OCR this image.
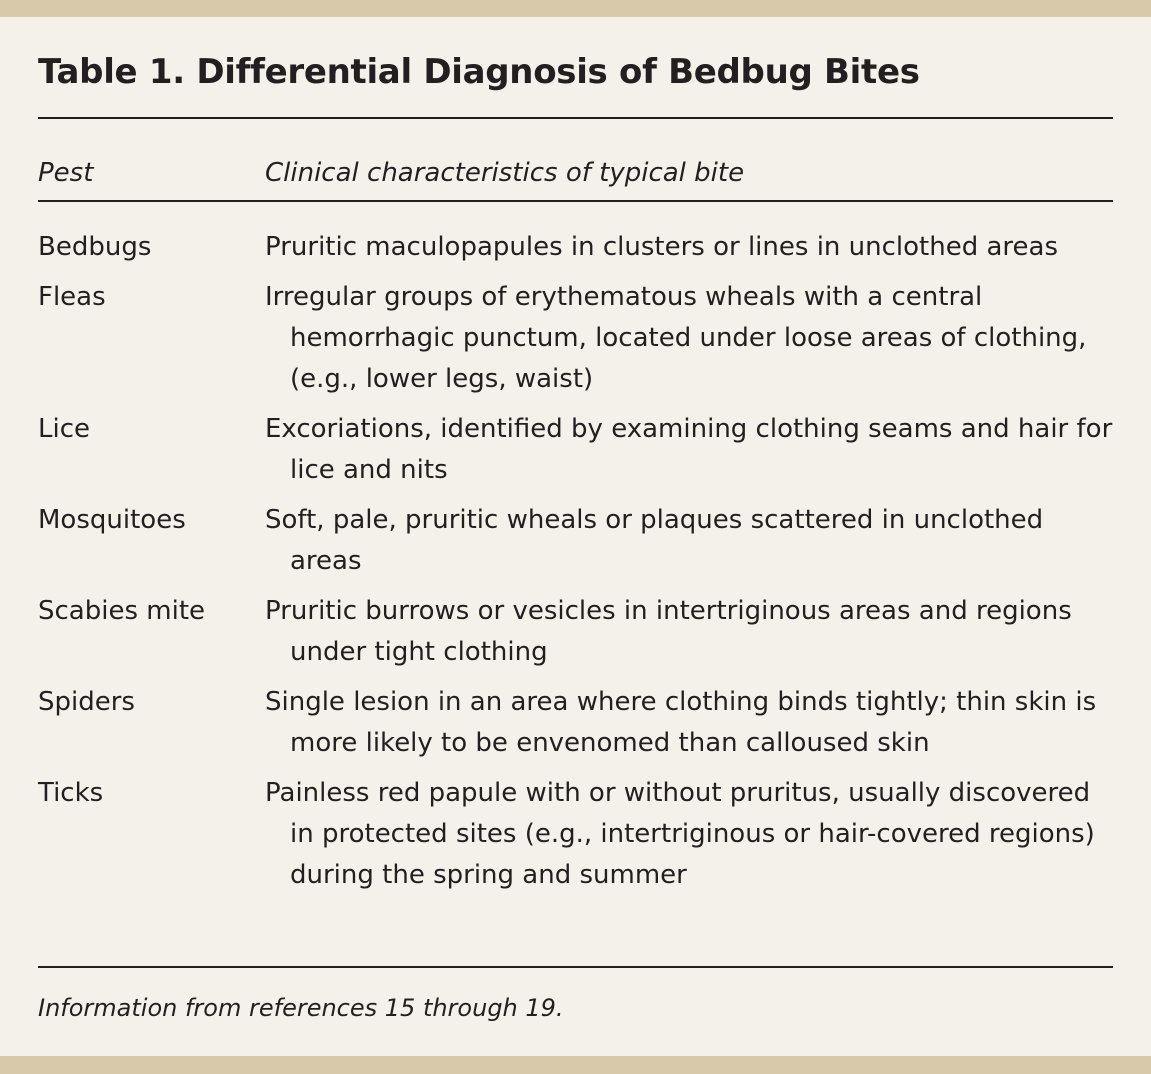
Table 1. Differential Diagnosis of Bedbug Bites
Pest	Clinical characteristics of typical bite
Bedbugs	Pruritic maculopapules in clusters or lines in unclothed areas
Fleas	Irregular groups of erythematous wheals with a central hemorrhagic punctum, located under loose areas of clothing, (e.g., lower legs, waist)
Lice	Excoriations, identified by examining clothing seams and hair for lice and nits
Mosquitoes	Soft, pale, pruritic wheals or plaques scattered in unclothed areas
Scabies mite	Pruritic burrows or vesicles in intertriginous areas and regions under tight clothing
Spiders	Single lesion in an area where clothing binds tightly; thin skin is more likely to be envenomed than calloused skin
Ticks	Painless red papule with or without pruritus, usually discovered in protected sites (e.g., intertriginous or hair-covered regions) during the spring and summer
Information from references 15 through 19.
